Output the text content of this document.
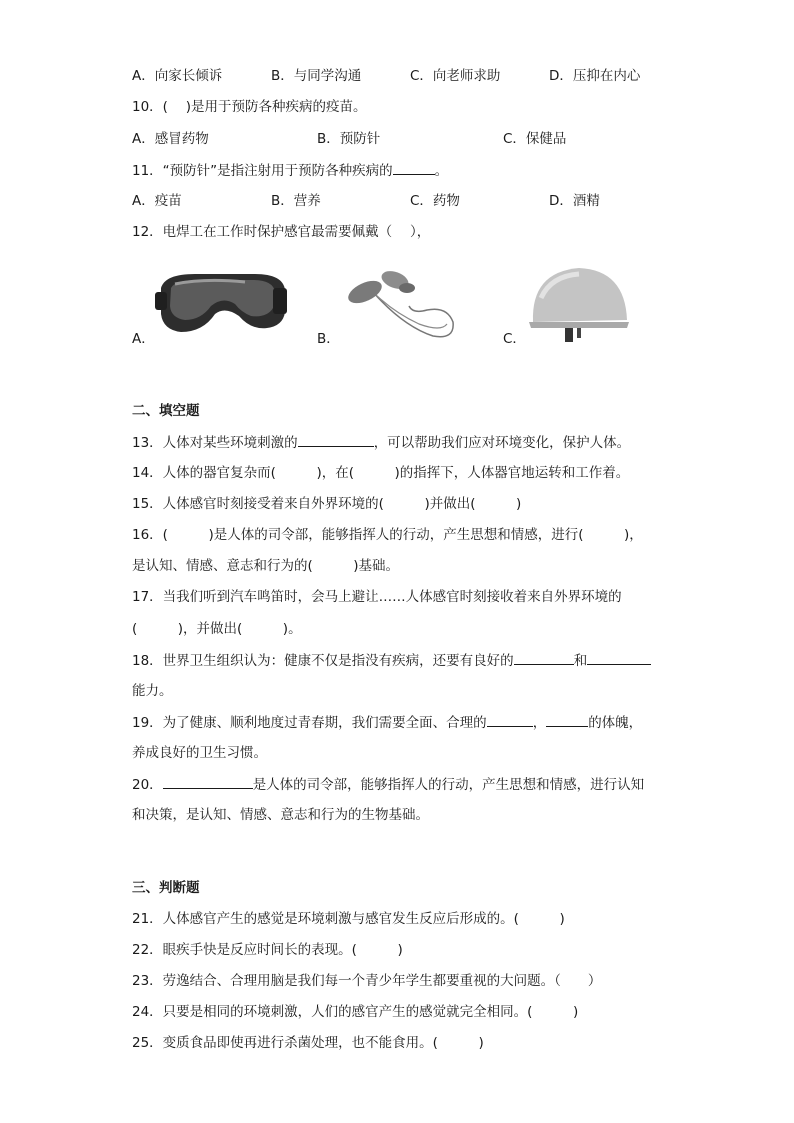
A．向家长倾诉	B．与同学沟通	C．向老师求助	D．压抑在内心
10．(　 )是用于预防各种疾病的疫苗。
A．感冒药物	B．预防针	C．保健品
11．“预防针”是指注射用于预防各种疾病的	。
A．疫苗	B．营养	C．药物	D．酒精
12．电焊工在工作时保护感官最需要佩戴（　 ），
A．	B．	C．
二、填空题
13．人体对某些环境刺激的	，可以帮助我们应对环境变化，保护人体。
14．人体的器官复杂而(　　　)，在(　　　)的指挥下，人体器官地运转和工作着。
15．人体感官时刻接受着来自外界环境的(　　　)并做出(　　　)
16．(　　　)是人体的司令部，能够指挥人的行动，产生思想和情感，进行(　　　)，
是认知、情感、意志和行为的(　　　)基础。
17．当我们听到汽车鸣笛时，会马上避让……人体感官时刻接收着来自外界环境的
(　　　)，并做出(　　　)。
18．世界卫生组织认为：健康不仅是指没有疾病，还要有良好的	和
能力。
19．为了健康、顺利地度过青春期，我们需要全面、合理的	，	的体魄，
养成良好的卫生习惯。
20．	是人体的司令部，能够指挥人的行动，产生思想和情感，进行认知
和决策，是认知、情感、意志和行为的生物基础。
三、判断题
21．人体感官产生的感觉是环境刺激与感官发生反应后形成的。(　　　)
22．眼疾手快是反应时间长的表现。(　　　)
23．劳逸结合、合理用脑是我们每一个青少年学生都要重视的大问题。（　　）
24．只要是相同的环境刺激，人们的感官产生的感觉就完全相同。(　　　)
25．变质食品即使再进行杀菌处理，也不能食用。(　　　)
